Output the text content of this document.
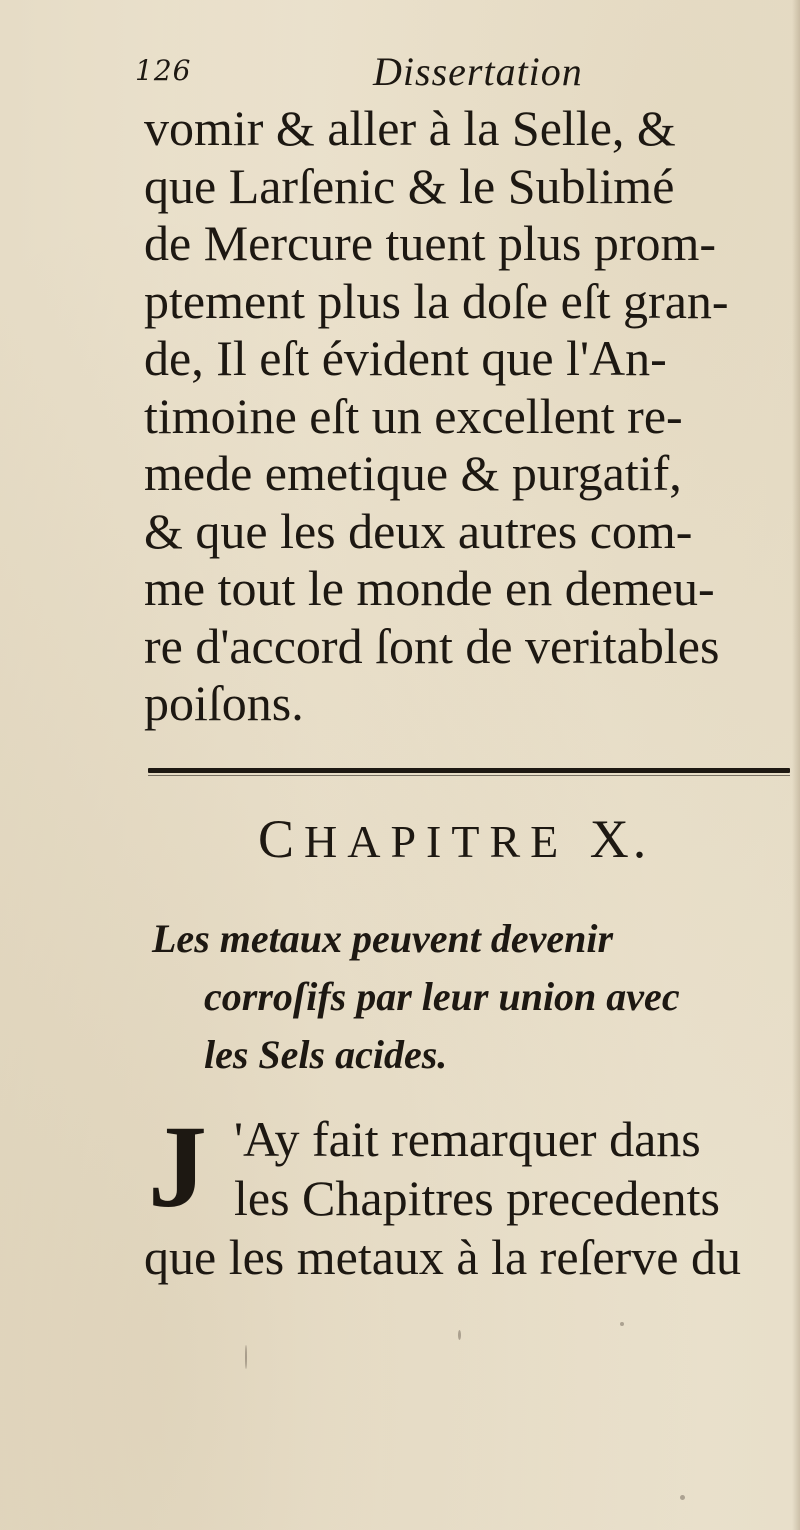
126	Dissertation
vomir & aller à la Selle, &
que Larſenic & le Sublimé
de Mercure tuent plus prom-
ptement plus la doſe eſt gran-
de, Il eſt évident que l'An-
timoine eſt un excellent re-
mede emetique & purgatif,
& que les deux autres com-
me tout le monde en demeu-
re d'accord ſont de veritables
poiſons.
CHAPITRE X.
Les metaux peuvent devenir
corroſifs par leur union avec
les Sels acides.
J 'Ay fait remarquer dans
les Chapitres precedents
que les metaux à la reſerve du
